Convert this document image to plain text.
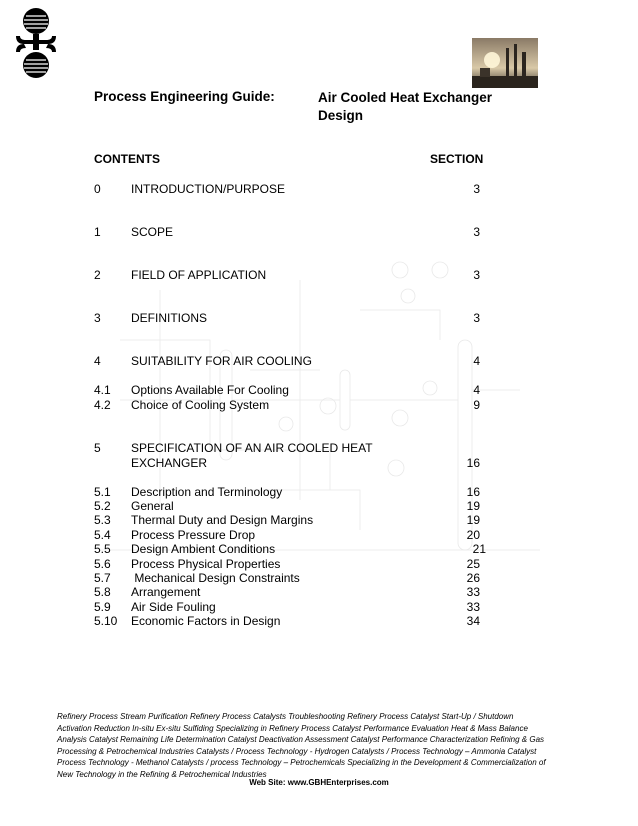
Process Engineering Guide:	Air Cooled Heat Exchanger Design
CONTENTS	SECTION
0	INTRODUCTION/PURPOSE	3
1	SCOPE	3
2	FIELD OF APPLICATION	3
3	DEFINITIONS	3
4	SUITABILITY FOR AIR COOLING	4
4.1 Options Available For Cooling	4
4.2 Choice of Cooling System	9
5	SPECIFICATION OF AN AIR COOLED HEAT EXCHANGER	16
5.1 Description and Terminology	16
5.2 General	19
5.3 Thermal Duty and Design Margins	19
5.4 Process Pressure Drop	20
5.5 Design Ambient Conditions	21
5.6 Process Physical Properties	25
5.7 Mechanical Design Constraints	26
5.8 Arrangement	33
5.9 Air Side Fouling	33
5.10 Economic Factors in Design	34
Refinery Process Stream Purification Refinery Process Catalysts Troubleshooting Refinery Process Catalyst Start-Up / Shutdown Activation Reduction In-situ Ex-situ Sulfiding Specializing in Refinery Process Catalyst Performance Evaluation Heat & Mass Balance Analysis Catalyst Remaining Life Determination Catalyst Deactivation Assessment Catalyst Performance Characterization Refining & Gas Processing & Petrochemical Industries Catalysts / Process Technology - Hydrogen Catalysts / Process Technology – Ammonia Catalyst Process Technology - Methanol Catalysts / process Technology – Petrochemicals Specializing in the Development & Commercialization of New Technology in the Refining & Petrochemical Industries
Web Site: www.GBHEnterprises.com
